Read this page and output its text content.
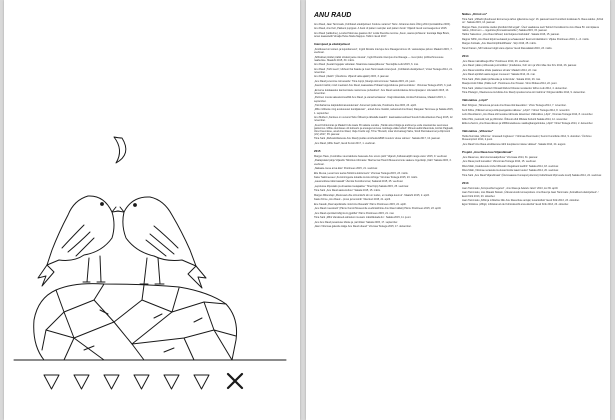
ANU RAUD
Anu Raud, Jaan Tammsalu „Kohtlatud ettekirjelised. Kodune varamul“ Tartu: Johannes Esto Ühing 2014 (kontaktiline 2015).
Anu Raud, Anu Kell „Pakkeni pupppek. A book of pattern sampler and pattern book“ Viljandi: Eesti Loomeagentuur 2015.
Anu Raud (valikuline) „Loodud Mooruse gaatove tiki“ Loida Kleordse tennise „Kaun, oaeiva pühisena“ koostaja Raja Briels, tervet kaasettellit Viinalja Helve Maria Nappus. Tallinn: Eesti 2017.
Intervjuud ja ettekirjelised
„Koolitused on tooted- ja kujundamesd“, Ingrid Roosile intervjuu Anu Rauaga toimus 13. vastuulapse pidust. Maaleht 2015, 7. veebruar.
„Sõbraliset ploidel prallel olndest jaose ülessai“, Ingrid Roosile intervjuu Anu Rauaga — mesi pidut, pühitsohmuvuuse naaberkse. Maaleht 2015, 30. märts.
Anu Raud „Seetatt lugejate vahelaan. Maamisse kaasepilkuuse“ Tsenteljitte Lelid 2015, 6. mai.
Anu Raud „Türbi seett“, kõrbest Kai Kaasle ja Juan Tammsaadu intervjuud. „Kohtlatüd ettekirjelised“, Viroel Tootega 2014, 21. november.
Anu Raud „Niekih“ (Ülesõnna. Viljandi valla ajakiri) 2015, 3. jaanuar.
„Anu Raud ja tennise mimesarde“ Tiina Joppi „Meelgi ostmummuse“ Sakala 2015, 24. juuni.
„Kaunid märtid, mind meebaid: Anu Raud, kaasaslase Pühaari kogumikkuse gärmeumikute“. Viirumaa Tootega 2015, 3. juuli.
„Ennurse kuidaaastus kantsumisele nastumuse puhastitud“. Anu Raud sestdunikekse Alma tipanjarel. Lõunaleht 2015, 13. november.
„Parimen muuta sakeukontuudõiti Anu Raud, ja vanad tertiaasse“. Dagi Aistandala, Annika Pulmatuse, Maaleht 2015, 1. september.
„Tämbartamse kaipidelisimatuutulemast“ Annemari pulkunde, Postimehe lisa 2015, 23. aprill.
„Mõtu mõtteste ning austusuusel kundijalerast“ , antud Anne Veskiki, salvestud Anu Raud, Raayaan Tammsee ja Sakala 2015, 1. september.
Anu Mulbert „Kantses on venurat Tartu Öiltsani ja tähelalle kaadrit“. kaamaaksevuolised Suuds Kultuurikeskus Peeg 2015, 12. november.
„Kuud Kohtumicas ja Maaleht tufe kaele 36 valaste sunabe „Tänäk ainud tööga ja andmenye esile sisestamise seumuses paistvmus. Mõtte olemitases viit kultuuris ja anutega tunnuse mottöoga välke kohult“ Mimemuudik Maurotula, Anzisk Pagluaiti, Ülevi Kuennisse, anud Anu Raud, Varje Koolis Ligi, Tõnu Tõrvardi, Liisa Veinvaloogi Sahe, Sindi Pantnakenmet ja Dipmonti (Lhr) 2017, 35. jaanuar.
Tiina Sark „Rahvaüülitaneste Anu Raud) puidas ontoheda EBMi muutum viiuse valmes“. Sakala 2017, 10. jaanuar.
„Anu Raud „Mõtu Kaell“, Eesti Kunsti 2017, 1. veebruar.
2015
Margus Haav „Kustmilise vteumalduste basesele Anu uzens pärit“ Viljandi „Kolksarealpill nanga vana“ 2015, 9. veebruar.
„Paalapstatel pärje Viljandis Tähnikus tühmaste“ Marina Gai Hoordi Museumonnte saalene Ingertistip „Nahi“ Sakala 2015, 3. veebruar.
„Nakaate-mese anva käsi“ Postimees 2015, 21. veebruar.
Elle Ruusa „Levat loos teelsa Teliktrna kdotumeris“ Virumaa Tootega 2015, 23. märts.
Kalev Sakimeeseel „Kunstnimgeste kukalite kunstu kõroge“ Virumaa Tootega 2015, 23. märts.
„Lauamolduse tätisi kaasäli“ Ülemiia Kunstilocumar, Sakarati 2015, 25. veebruar.
„Lepolusse lõpustaks puult aastas toetajaalise“ Tiina Köpp Sakala 2015, 25. veebruar.
Tiina Sark „Anu Raud aasta kultuur“ Sakala 2015, 15. märts.
Margus Miliendapi „Muutuvad ehte sõnumileht siin on kudus, ei muidaja kuumut“. Maaleht 2015, 2. aprill.
Kaalu Kirme „Anu Raud – pruss ja kunstnik“ Vikertuul 2015, 21. aprill.
Ene Kaasik „Ravrvapolsiiside nüüd Anu Raveiabi“ Pärnu Postimees 2015, 22. aprill.
„Anu Raud meeskooli“ (Pärnu Kunsti Museumile veebiniskhinte Anu Raud näiteli) Pärnu Postimees 2015, 23. aprill.
„Anu Raud eponikelt kõigi kuni ggullõel“ Pärnu Postimees 2015, 21. mai.
Tiina Sark „Mõni Vanalsseli-vahtetusi muusam mäistlikutada ilu“. Sakala 2015, 11. juuni.
„Anu Anu Raud pesastuse kõuke ja „tarmlikas“ Sakala 2015, 17. september.
„Alam Viirumaa galesbe käige Anu Raud utkeud“ Virumaa Tootega 2015, 17. detsember.
Näitus „Kõrsti on“
Tiina Sark „Viilbarbi jõuulinevel Enmema ja tahvo igikeminse tegu“ 16. jaanuari tassi Kunstilunt kukkavas N. Raua saldus „Kõrsti on“. Sakala 2015, 13. jaanuar.
Margus Haav „Kunstnike steitiet jõurdtoid tõdi ergait“. Ülevi vaadatuse teelt Telmivii Kunstikoormu Anu Raua 50. sünnipäeva näitus „Kõrstl oon — isgeträna jõmmaskroanisõte“) Sakala 2015, 15. jaanuar.
Haldur Sakenkus: „Anu Raud lähvad; kuid lukjanud kahutakti“. Sakala 2016, 15. jaanuar.
Ragnar Nõhli „Anu Raud kirjuti teelsaasti ja sehaaestelel“ Eesti etti ätelikkumi. Vitjuke Postimees 2016, 1.–6. märts.
Margus Kottsalu „Anu Raud kiripihkulõlhaste“. Sirp 2016, 25. märts.
Tanel Kiaram „Sõl hutkusel tolgiti vana vijanne“ Eesti Rasvalakali 2016, 23. märts.
2014
„Anu Raua mainallisega lõhe“ Postimees 2014, 26. veebruar.
„Anu Raud: pääre pühkuvale ja kinnitikku“ (Intellektuu, Koh Linn ja Vitro Mae Ilus Kirv 2014, 26. jaanuar.
„Anu Raua tekstiilse tööde paalanes ulmale“ Maaleht 2014, 22. mai.
„Anu Raud aprildub aasta teguet muuseum“ Sakala 2014, 24. mai.
Tiina Sark „Päris plakki pühkuvale ja turismitule“. Sakala 2014, 26. mai.
Maarja Annik Killas „Päikie Lell“. Postimeus Anu Pavasn. Viinvi Mükea 2014, 22. juuni.
Tiina Sark „Veikkel mienkvit Vilmaali Rahva Kiltouta nuostavula“ Elbvo Luik 2014, 4. detsember.
Tiina Piteleppi „Vileebevuse kuivlistte Anu Raud) spuulas kuiva toti mahtma“ Kõrgsendelliks 2014, 9. detsember.
Välisnäitus „Lõpit“
Mart Kõrgsoo „Tähestusa ja luule Anu Raua töid kaevalloo“. Virivu Tootega 2014, 7. november.
Kerli Kibbe „Pilkisteil anna ja kõlepsangastka näikose“ „Lõpit!“ / Viirovi Tootega 2014, 8. novembri.
Leho Rieurikamm „Anu Raua sõrmevatse tähtsude tänamisel. Välisnäitus „Lõpit“, Virumaa Tootega 2014, 8. november.
Kõko Pillo „Iseloodd; leiti ja põhimõut. Õttkvuit oõdi Mõdeia Kulturiit Sakala 2014, 12. november.
Eilda Luhanmi „Anu Raua tiktuus ja tõõfõimetekleuse vaalitugikangelinkuke „Lõpit!“ Viinivi Tootega 2014, 2. detsember.
Välisnäitus „Vilborme“
Hulda Nurmilas „Vilborme“ ümavaelt ringlusest“ / Viirimaa Ruumisekü | Suomi Kunstilvite 2014, 9. oktoober / Ümbrisu Museumpriori 2014, 2.juuni.
„Anu Raud! Anu Raua eksiitkenuse tähti kuupitavusi näuse väiksed“. Sakala 2014, 24. august.
Projekt „Anu Raua kuu Viljandimaal“
„Anu Raua kuu, täis kivumavaalpolluse“ Virumaae 2014, 31. jaanuar.
„Anu Raua poolt kuuvaltus“ Viinvomaa Tootega 2014, 15. veebruar.
Ritva Mäki „Usaldusuulu ümbel tõhusalt nõugaliseid teelihtt“ Sakala 2014, 18. veebruar.
Ritva Mäki „Viinimae seraavde kuuluvad kulde laaeti tuudet“ Sakala 2014, 20. veebruar.
Tiina Sark „Anu Raud Viljandimaal“ (Ülemsaaavie Kunsapul jutlemist) ristilehtiseid lõpi kuude kuult) Sakala 2014, 22. veebruar.
2013
Jaan Tammsalu „Kompuutbivi tegelud“ , Anu Raua ja Adeleiv zaluri“ 2013, kui 39. aprill.
Jaan Tammsalu, Liss Mäeaik Siskam „Ülleviai elustk konsepstioos. Anu Raud ja Jaan Tammsalu „Kotradikud ettekirjelised“ / Eesti Kirik 2013, 23. oktoober.
Jaan Tammsalu „Kõtki ja mõtteline liilä: Anu Raua tikse anisjal, kuvantsiõuti“ Eesti Kirik 2013, 23. oktoober.
Egon Sildokuu „Mõtgit, mõttielanud ole Kohtookustõi anvuutkohal“ Eesti Kirik 2013, 23. oktoober.
